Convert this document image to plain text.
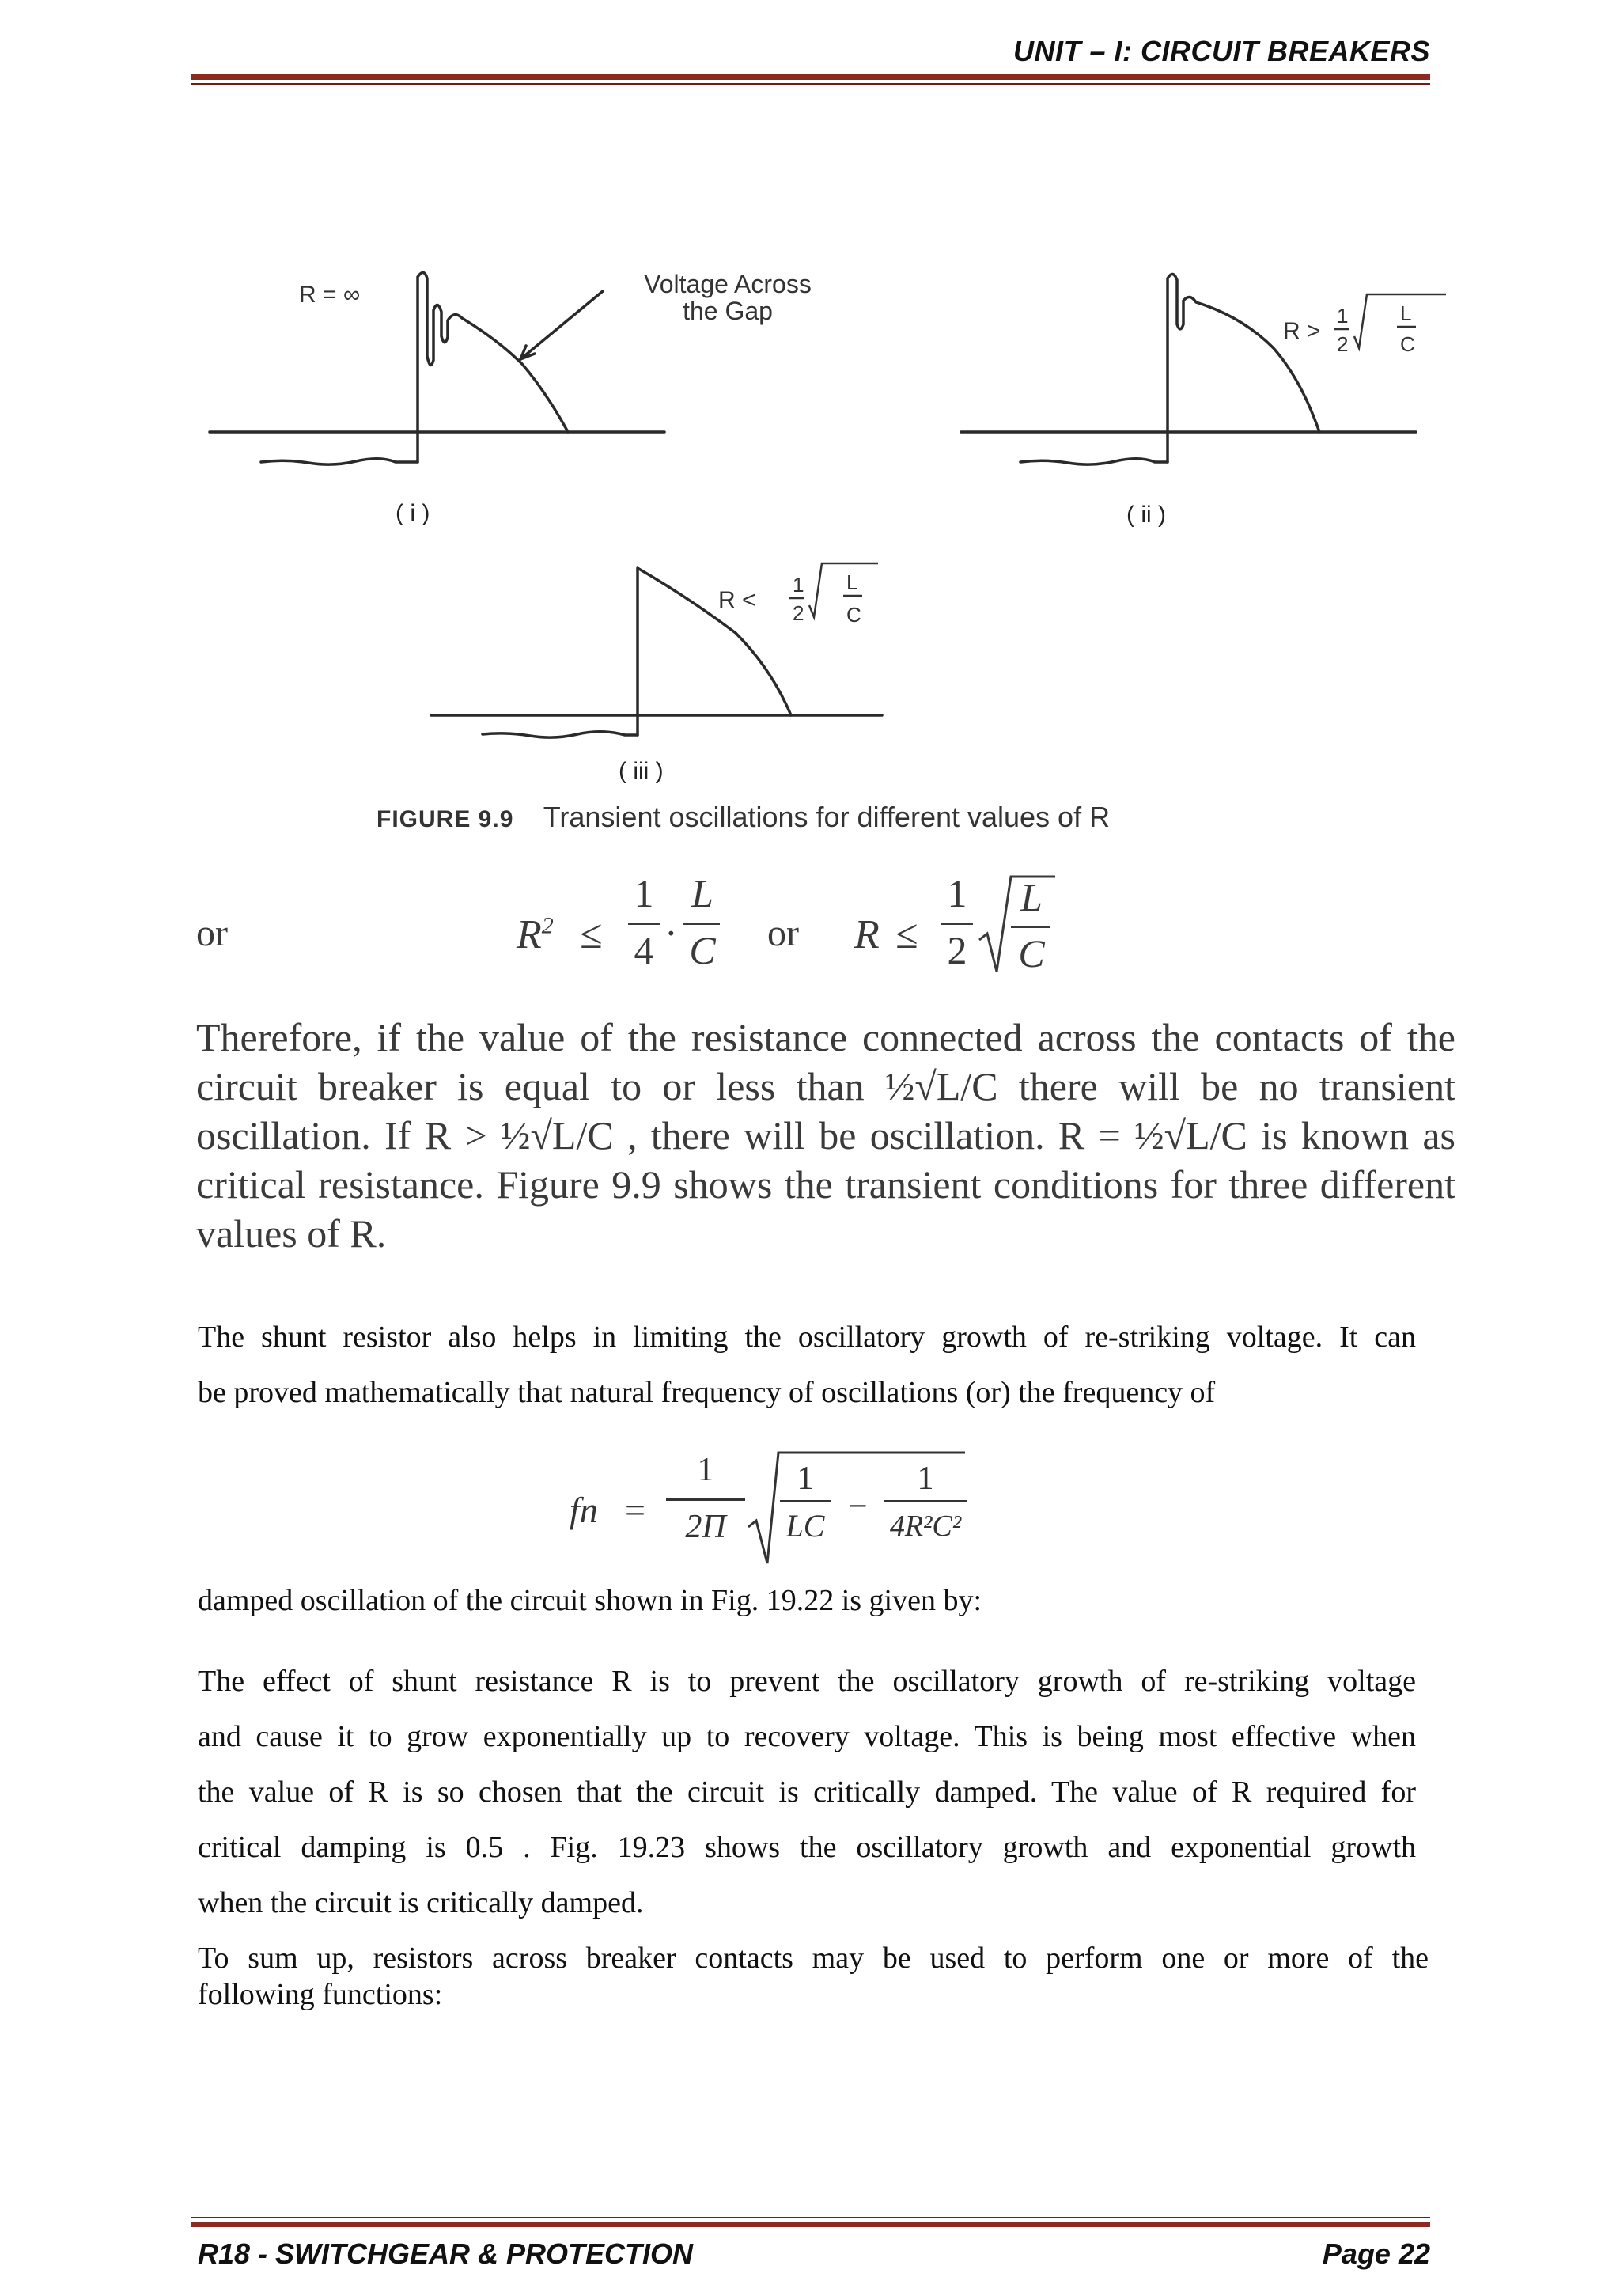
UNIT – I: CIRCUIT BREAKERS
R = ∞
R >
1
2
L
C
R <
1
2
L
C
Voltage Across
the Gap
( i )	( ii )
( iii )
FIGURE 9.9 Transient oscillations for different values of R
or	$R^2$ ≤
1
4 ·
L
C or R ≤
1
2
L
C
Therefore, if the value of the resistance connected across the contacts of the
circuit breaker is equal to or less than ½√L/C there will be no transient
oscillation. If R > ½√L/C , there will be oscillation. R = ½√L/C is known as
critical resistance. Figure 9.9 shows the transient conditions for three different
values of R.
The shunt resistor also helps in limiting the oscillatory growth of re-striking voltage. It can
be proved mathematically that natural frequency of oscillations (or) the frequency of
fn =
1
2Π
1
LC
−
1
4R²C²
damped oscillation of the circuit shown in Fig. 19.22 is given by:
The effect of shunt resistance R is to prevent the oscillatory growth of re-striking voltage
and cause it to grow exponentially up to recovery voltage. This is being most effective when
the value of R is so chosen that the circuit is critically damped. The value of R required for
critical damping is 0.5 . Fig. 19.23 shows the oscillatory growth and exponential growth
when the circuit is critically damped.
To sum up, resistors across breaker contacts may be used to perform one or more of the
following functions:
R18 - SWITCHGEAR & PROTECTION	Page 22
